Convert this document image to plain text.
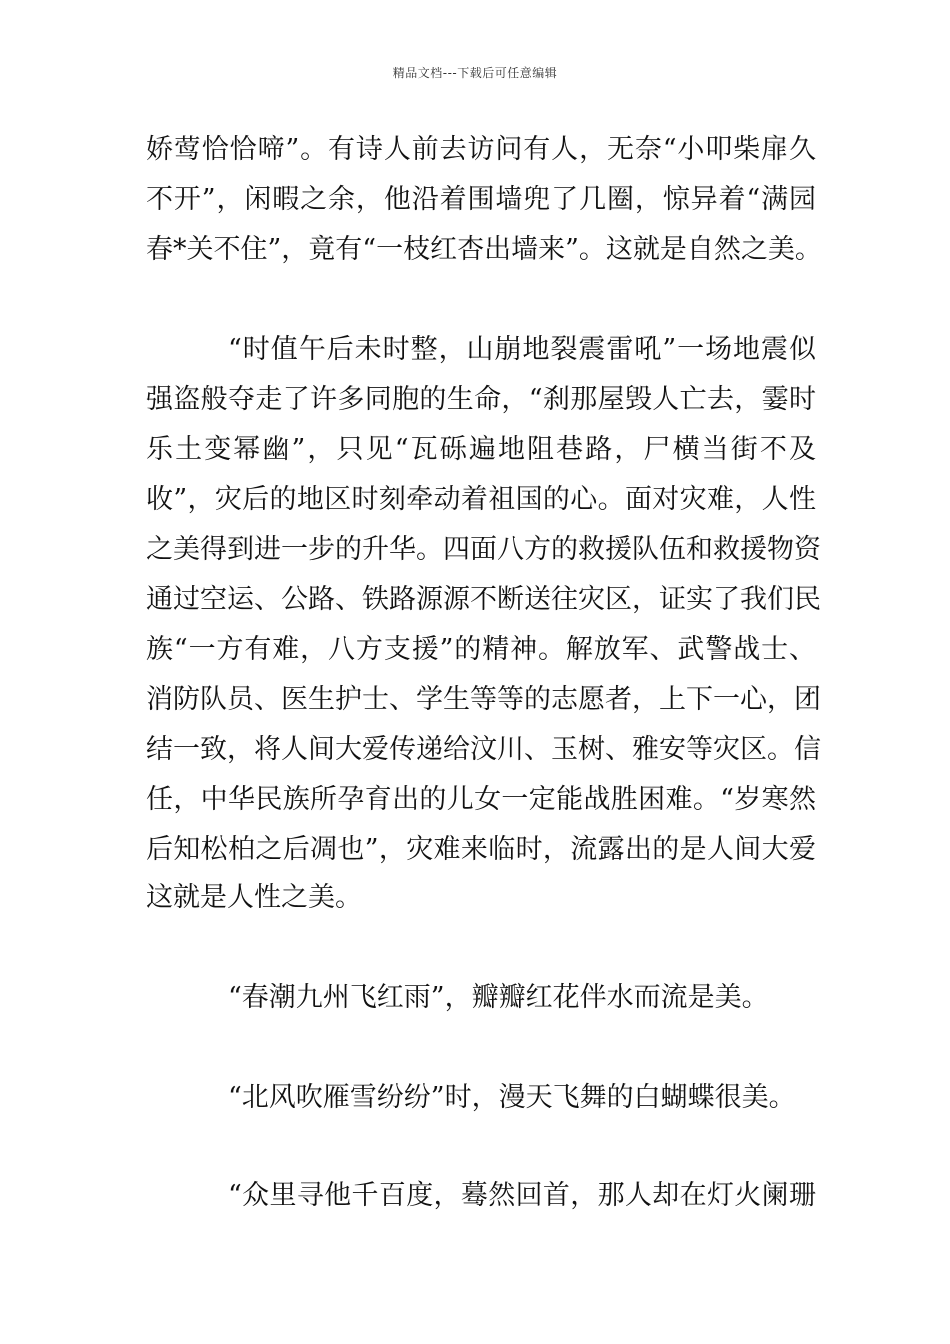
精品文档---下载后可任意编辑
娇莺恰恰啼”。有诗人前去访问有人，无奈“小叩柴扉久
不开”，闲暇之余，他沿着围墙兜了几圈，惊异着“满园
春*关不住”，竟有“一枝红杏出墙来”。这就是自然之美。
“时值午后未时整，山崩地裂震雷吼”一场地震似
强盗般夺走了许多同胞的生命，“刹那屋毁人亡去，霎时
乐土变幂幽”，只见“瓦砾遍地阻巷路，尸横当街不及
收”，灾后的地区时刻牵动着祖国的心。面对灾难，人性
之美得到进一步的升华。四面八方的救援队伍和救援物资
通过空运、公路、铁路源源不断送往灾区，证实了我们民
族“一方有难，八方支援”的精神。解放军、武警战士、
消防队员、医生护士、学生等等的志愿者，上下一心，团
结一致，将人间大爱传递给汶川、玉树、雅安等灾区。信
任，中华民族所孕育出的儿女一定能战胜困难。“岁寒然
后知松柏之后凋也”，灾难来临时，流露出的是人间大爱
这就是人性之美。
“春潮九州飞红雨”，瓣瓣红花伴水而流是美。
“北风吹雁雪纷纷”时，漫天飞舞的白蝴蝶很美。
“众里寻他千百度，蓦然回首，那人却在灯火阑珊
